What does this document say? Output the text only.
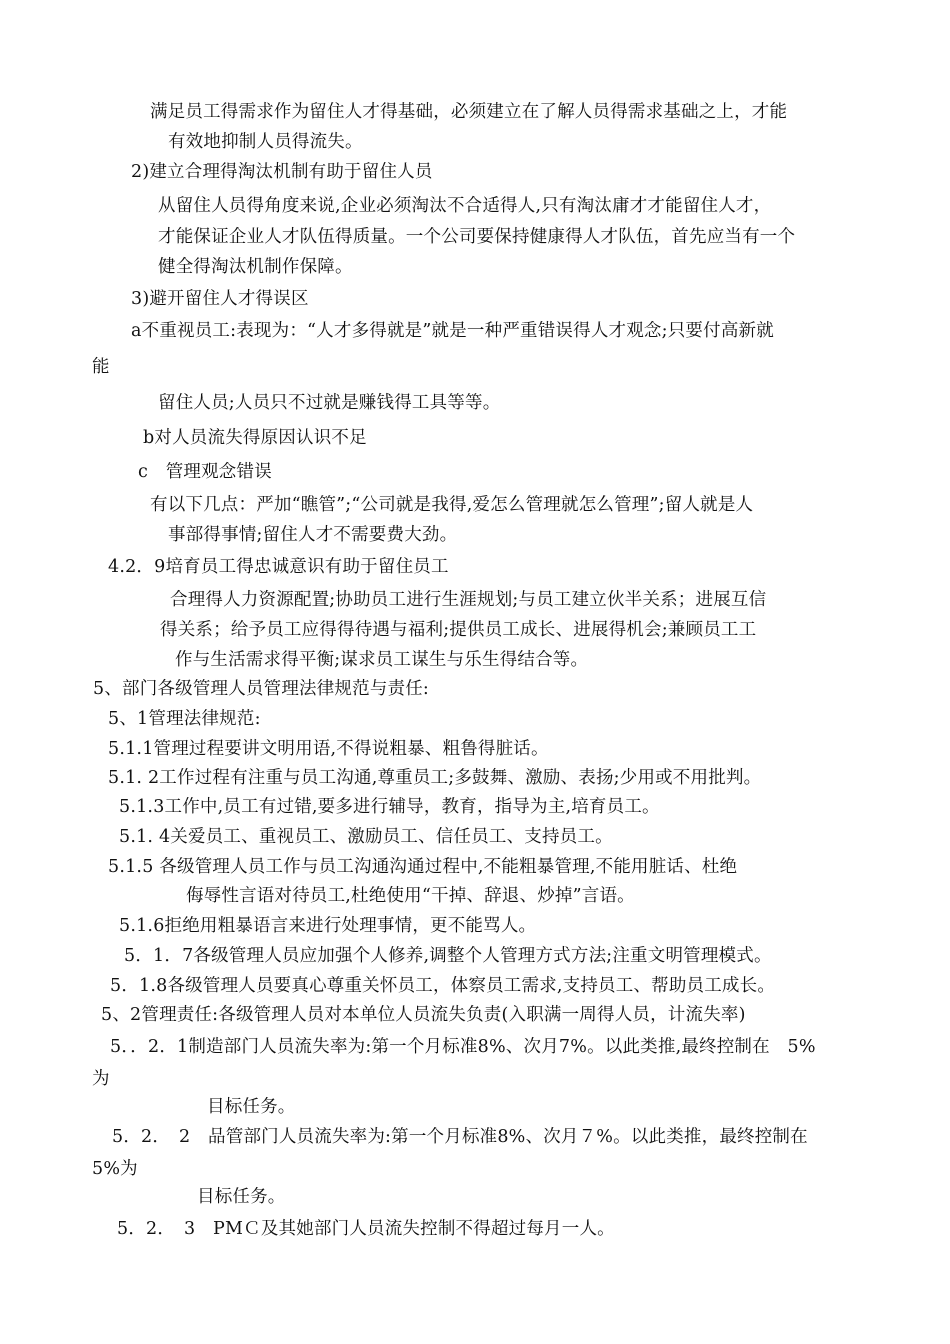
满足员工得需求作为留住人才得基础，必须建立在了解人员得需求基础之上，才能
有效地抑制人员得流失。
2)建立合理得淘汰机制有助于留住人员
从留住人员得角度来说,企业必须淘汰不合适得人,只有淘汰庸才才能留住人才，
才能保证企业人才队伍得质量。一个公司要保持健康得人才队伍，首先应当有一个
健全得淘汰机制作保障。
3)避开留住人才得误区
a不重视员工:表现为：“人才多得就是”就是一种严重错误得人才观念;只要付高新就
能
留住人员;人员只不过就是赚钱得工具等等。
b对人员流失得原因认识不足
c　管理观念错误
有以下几点：严加“瞧管”;“公司就是我得,爱怎么管理就怎么管理”;留人就是人
事部得事情;留住人才不需要费大劲。
4.2．9培育员工得忠诚意识有助于留住员工
合理得人力资源配置;协助员工进行生涯规划;与员工建立伙半关系；进展互信
得关系；给予员工应得得待遇与福利;提供员工成长、进展得机会;兼顾员工工
作与生活需求得平衡;谋求员工谋生与乐生得结合等。
5、部门各级管理人员管理法律规范与责任:
5、1管理法律规范:
5.1.1管理过程要讲文明用语,不得说粗暴、粗鲁得脏话。
5.1. 2工作过程有注重与员工沟通,尊重员工;多鼓舞、激励、表扬;少用或不用批判。
5.1.3工作中,员工有过错,要多进行辅导，教育，指导为主,培育员工。
5.1. 4关爱员工、重视员工、激励员工、信任员工、支持员工。
5.1.5 各级管理人员工作与员工沟通沟通过程中,不能粗暴管理,不能用脏话、杜绝
侮辱性言语对待员工,杜绝使用“干掉、辞退、炒掉”言语。
5.1.6拒绝用粗暴语言来进行处理事情，更不能骂人。
5．1．7各级管理人员应加强个人修养,调整个人管理方式方法;注重文明管理模式。
5．1.8各级管理人员要真心尊重关怀员工，体察员工需求,支持员工、帮助员工成长。
5、2管理责任:各级管理人员对本单位人员流失负责(入职满一周得人员，计流失率)
5．．2．1制造部门人员流失率为:第一个月标准8%、次月7%。以此类推,最终控制在　5%
为
目标任务。
5．2．　2　品管部门人员流失率为:第一个月标准8%、次月７%。以此类推，最终控制在
5%为
目标任务。
5．2．　3　PMＣ及其她部门人员流失控制不得超过每月一人。
